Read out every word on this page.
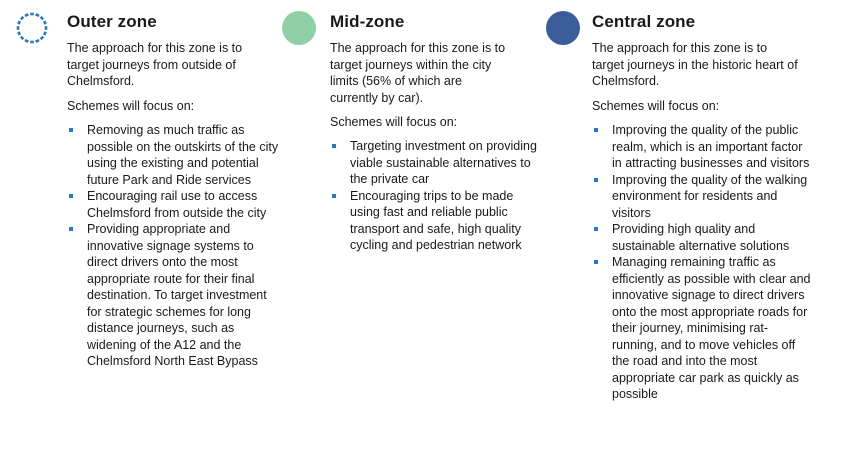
Outer zone

The approach for this zone is to target journeys from outside of Chelmsford.

Schemes will focus on:

Removing as much traffic as possible on the outskirts of the city using the existing and potential future Park and Ride services
Encouraging rail use to access Chelmsford from outside the city
Providing appropriate and innovative signage systems to direct drivers onto the most appropriate route for their final destination. To target investment for strategic schemes for long distance journeys, such as widening of the A12 and the Chelmsford North East Bypass
Mid-zone

The approach for this zone is to target journeys within the city limits (56% of which are currently by car).

Schemes will focus on:

Targeting investment on providing viable sustainable alternatives to the private car
Encouraging trips to be made using fast and reliable public transport and safe, high quality cycling and pedestrian network
Central zone

The approach for this zone is to target journeys in the historic heart of Chelmsford.

Schemes will focus on:

Improving the quality of the public realm, which is an important factor in attracting businesses and visitors
Improving the quality of the walking environment for residents and visitors
Providing high quality and sustainable alternative solutions
Managing remaining traffic as efficiently as possible with clear and innovative signage to direct drivers onto the most appropriate roads for their journey, minimising rat-running, and to move vehicles off the road and into the most appropriate car park as quickly as possible
